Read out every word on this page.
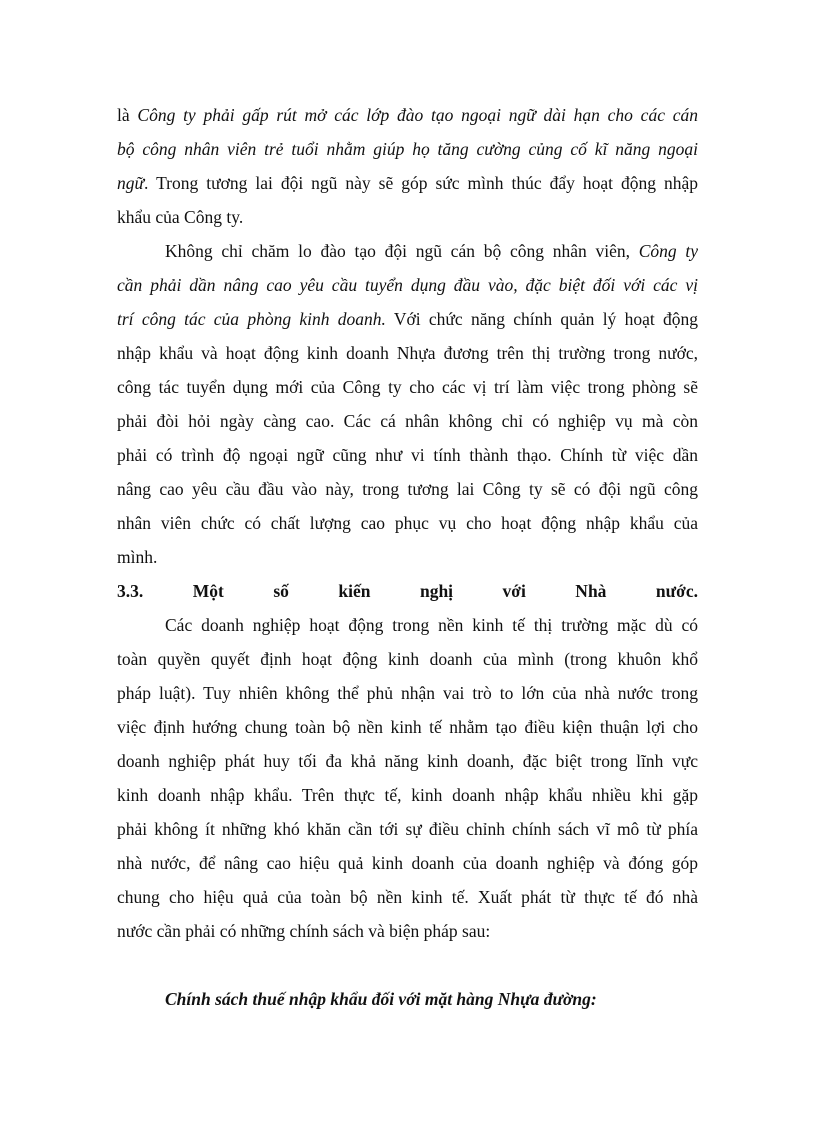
là Công ty phải gấp rút mở các lớp đào tạo ngoại ngữ dài hạn cho các cán
bộ công nhân viên trẻ tuổi nhằm giúp họ tăng cường củng cố kĩ năng ngoại
ngữ. Trong tương lai đội ngũ này sẽ góp sức mình thúc đẩy hoạt động nhập
khẩu của Công ty.
Không chỉ chăm lo đào tạo đội ngũ cán bộ công nhân viên, Công ty
cần phải dần nâng cao yêu cầu tuyển dụng đầu vào, đặc biệt đối với các vị
trí công tác của phòng kinh doanh. Với chức năng chính quản lý hoạt động
nhập khẩu và hoạt động kinh doanh Nhựa đương trên thị trường trong nước,
công tác tuyển dụng mới của Công ty cho các vị trí làm việc trong phòng sẽ
phải đòi hỏi ngày càng cao. Các cá nhân không chỉ có nghiệp vụ mà còn
phải có trình độ ngoại ngữ cũng như vi tính thành thạo. Chính từ việc dần
nâng cao yêu cầu đầu vào này, trong tương lai Công ty sẽ có đội ngũ công
nhân viên chức có chất lượng cao phục vụ cho hoạt động nhập khẩu của
mình.
3.3. Một số kiến nghị với Nhà nước.
Các doanh nghiệp hoạt động trong nền kinh tế thị trường mặc dù có
toàn quyền quyết định hoạt động kinh doanh của mình (trong khuôn khổ
pháp luật). Tuy nhiên không thể phủ nhận vai trò to lớn của nhà nước trong
việc định hướng chung toàn bộ nền kinh tế nhằm tạo điều kiện thuận lợi cho
doanh nghiệp phát huy tối đa khả năng kinh doanh, đặc biệt trong lĩnh vực
kinh doanh nhập khẩu. Trên thực tế, kinh doanh nhập khẩu nhiều khi gặp
phải không ít những khó khăn cần tới sự điều chỉnh chính sách vĩ mô từ phía
nhà nước, để nâng cao hiệu quả kinh doanh của doanh nghiệp và đóng góp
chung cho hiệu quả của toàn bộ nền kinh tế. Xuất phát từ thực tế đó nhà
nước cần phải có những chính sách và biện pháp sau:
Chính sách thuế nhập khẩu đối với mặt hàng Nhựa đường:
